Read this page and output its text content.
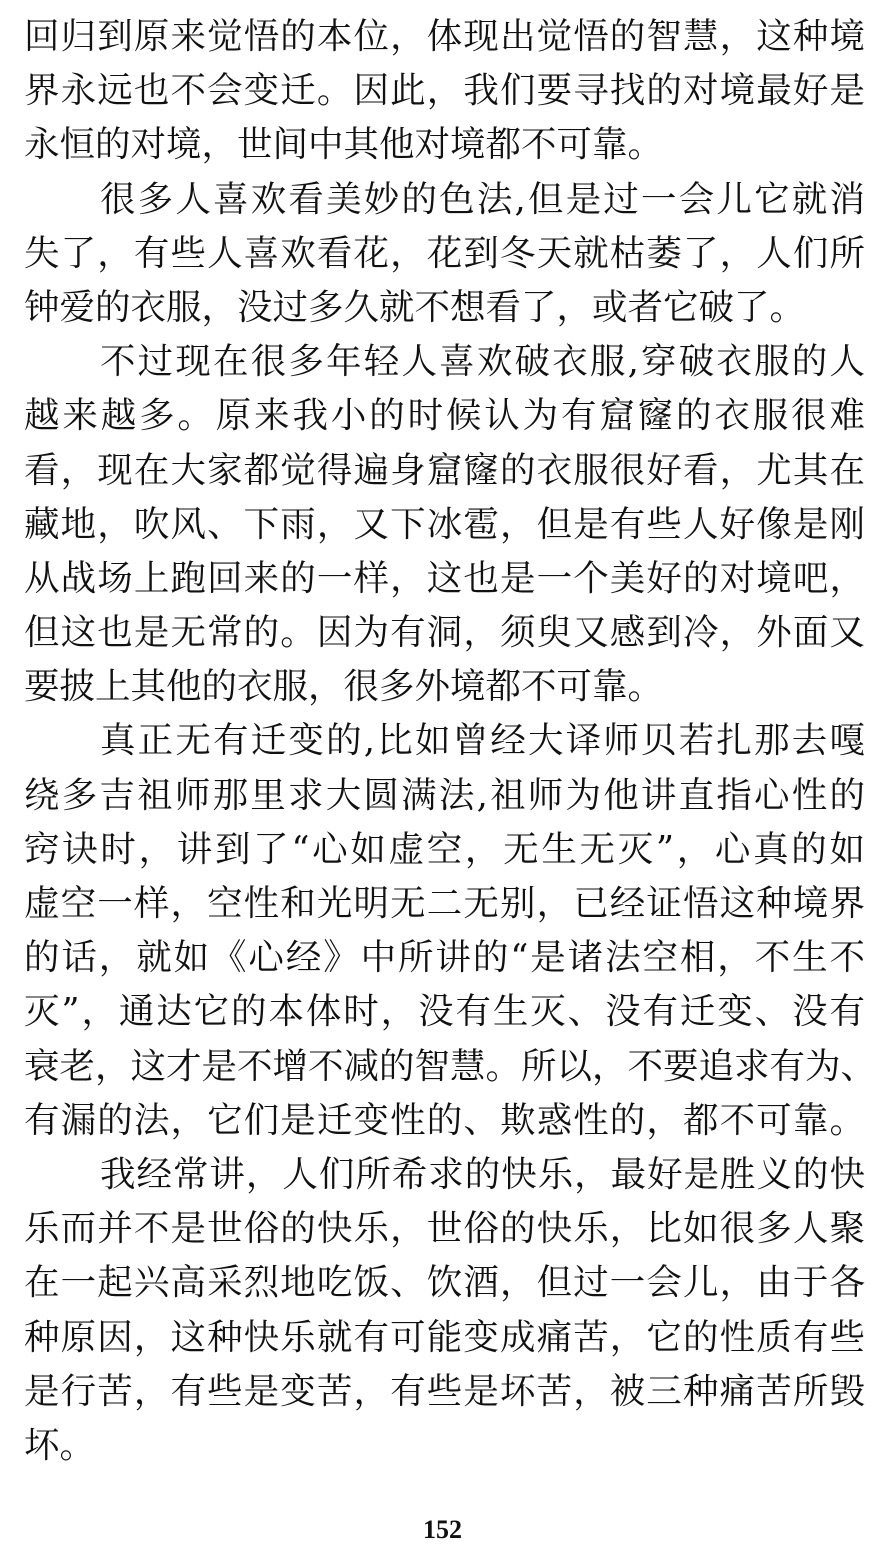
回归到原来觉悟的本位，体现出觉悟的智慧，这种境
界永远也不会变迁。因此，我们要寻找的对境最好是
永恒的对境，世间中其他对境都不可靠。
很多人喜欢看美妙的色法,但是过一会儿它就消
失了，有些人喜欢看花，花到冬天就枯萎了，人们所
钟爱的衣服，没过多久就不想看了，或者它破了。
不过现在很多年轻人喜欢破衣服,穿破衣服的人
越来越多。原来我小的时候认为有窟窿的衣服很难
看，现在大家都觉得遍身窟窿的衣服很好看，尤其在
藏地，吹风、下雨，又下冰雹，但是有些人好像是刚
从战场上跑回来的一样，这也是一个美好的对境吧，
但这也是无常的。因为有洞，须臾又感到冷，外面又
要披上其他的衣服，很多外境都不可靠。
真正无有迁变的,比如曾经大译师贝若扎那去嘎
绕多吉祖师那里求大圆满法,祖师为他讲直指心性的
窍诀时，讲到了“心如虚空，无生无灭”，心真的如
虚空一样，空性和光明无二无别，已经证悟这种境界
的话，就如《心经》中所讲的“是诸法空相，不生不
灭”，通达它的本体时，没有生灭、没有迁变、没有
衰老，这才是不增不减的智慧。所以，不要追求有为、
有漏的法，它们是迁变性的、欺惑性的，都不可靠。
我经常讲，人们所希求的快乐，最好是胜义的快
乐而并不是世俗的快乐，世俗的快乐，比如很多人聚
在一起兴高采烈地吃饭、饮酒，但过一会儿，由于各
种原因，这种快乐就有可能变成痛苦，它的性质有些
是行苦，有些是变苦，有些是坏苦，被三种痛苦所毁
坏。
152
